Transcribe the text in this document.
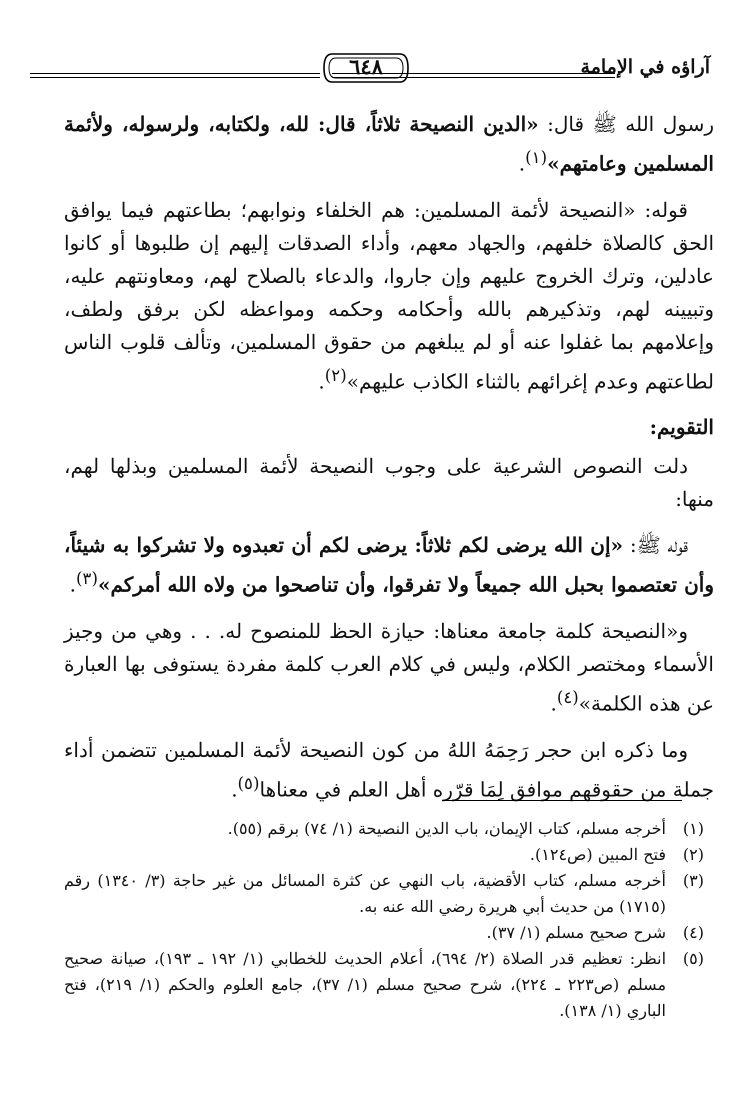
آراؤه في الإمامة
٦٤٨

رسول الله ﷺ قال: «الدين النصيحة ثلاثاً، قال: لله، ولكتابه، ولرسوله، ولأئمة المسلمين وعامتهم»$^{(١)}$.

قوله: «النصيحة لأئمة المسلمين: هم الخلفاء ونوابهم؛ بطاعتهم فيما يوافق الحق كالصلاة خلفهم، والجهاد معهم، وأداء الصدقات إليهم إن طلبوها أو كانوا عادلين، وترك الخروج عليهم وإن جاروا، والدعاء بالصلاح لهم، ومعاونتهم عليه، وتبيينه لهم، وتذكيرهم بالله وأحكامه وحكمه ومواعظه لكن برفق ولطف، وإعلامهم بما غفلوا عنه أو لم يبلغهم من حقوق المسلمين، وتألف قلوب الناس لطاعتهم وعدم إغرائهم بالثناء الكاذب عليهم»$^{(٢)}$.

التقويم:

دلت النصوص الشرعية على وجوب النصيحة لأئمة المسلمين وبذلها لهم، منها:

قوله ﷺ: «إن الله يرضى لكم ثلاثاً: يرضى لكم أن تعبدوه ولا تشركوا به شيئاً، وأن تعتصموا بحبل الله جميعاً ولا تفرقوا، وأن تناصحوا من ولاه الله أمركم»$^{(٣)}$.

و«النصيحة كلمة جامعة معناها: حيازة الحظ للمنصوح له. . . وهي من وجيز الأسماء ومختصر الكلام، وليس في كلام العرب كلمة مفردة يستوفى بها العبارة عن هذه الكلمة»$^{(٤)}$.

وما ذكره ابن حجر رَحِمَهُ اللهُ من كون النصيحة لأئمة المسلمين تتضمن أداء جملة من حقوقهم موافق لِمَا قرّره أهل العلم في معناها$^{(٥)}$.

(١)
أخرجه مسلم، كتاب الإيمان، باب الدين النصيحة (١/ ٧٤) برقم (٥٥).
(٢)
فتح المبين (ص١٢٤).
(٣)
أخرجه مسلم، كتاب الأقضية، باب النهي عن كثرة المسائل من غير حاجة (٣/ ١٣٤٠) رقم (١٧١٥) من حديث أبي هريرة رضي الله عنه به.
(٤)
شرح صحيح مسلم (١/ ٣٧).
(٥)
انظر: تعظيم قدر الصلاة (٢/ ٦٩٤)، أعلام الحديث للخطابي (١/ ١٩٢ ـ ١٩٣)، صيانة صحيح مسلم (ص٢٢٣ ـ ٢٢٤)، شرح صحيح مسلم (١/ ٣٧)، جامع العلوم والحكم (١/ ٢١٩)، فتح الباري (١/ ١٣٨).
